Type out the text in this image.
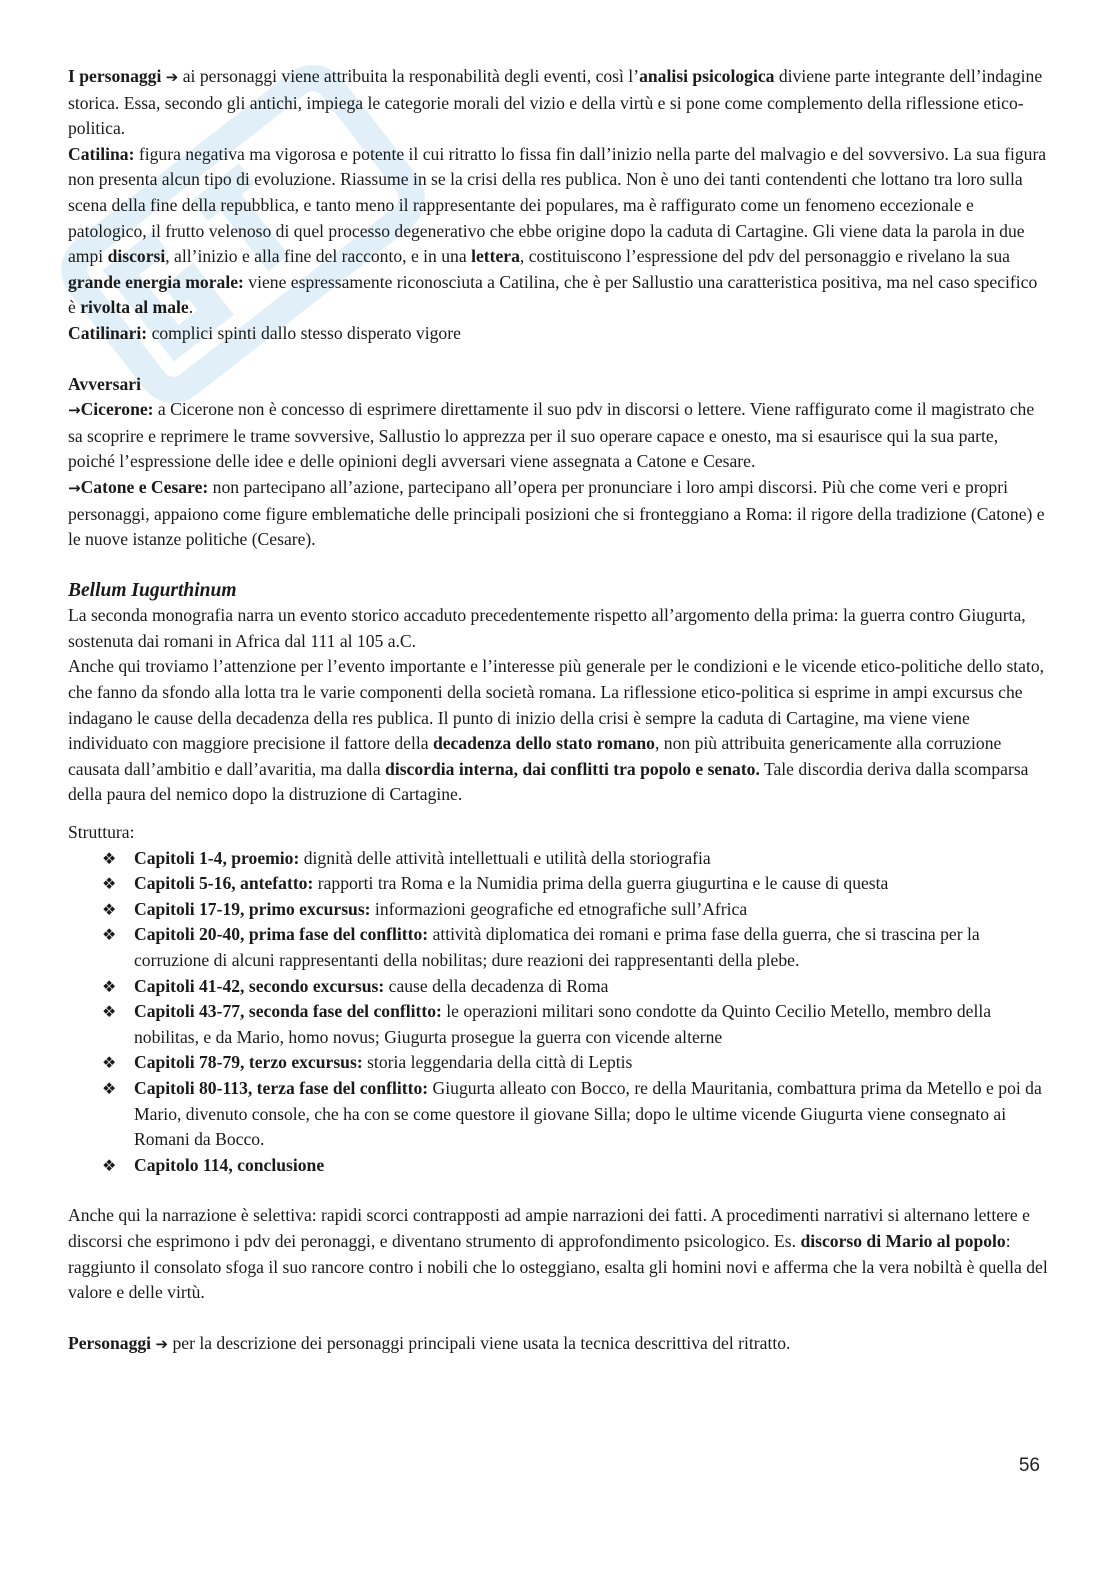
I personaggi ➔ ai personaggi viene attribuita la responabilità degli eventi, così l’analisi psicologica diviene parte integrante dell’indagine storica. Essa, secondo gli antichi, impiega le categorie morali del vizio e della virtù e si pone come complemento della riflessione etico-politica.

Catilina: figura negativa ma vigorosa e potente il cui ritratto lo fissa fin dall’inizio nella parte del malvagio e del sovversivo. La sua figura non presenta alcun tipo di evoluzione. Riassume in se la crisi della res publica. Non è uno dei tanti contendenti che lottano tra loro sulla scena della fine della repubblica, e tanto meno il rappresentante dei populares, ma è raffigurato come un fenomeno eccezionale e patologico, il frutto velenoso di quel processo degenerativo che ebbe origine dopo la caduta di Cartagine. Gli viene data la parola in due ampi discorsi, all’inizio e alla fine del racconto, e in una lettera, costituiscono l’espressione del pdv del personaggio e rivelano la sua grande energia morale: viene espressamente riconosciuta a Catilina, che è per Sallustio una caratteristica positiva, ma nel caso specifico è rivolta al male.

Catilinari: complici spinti dallo stesso disperato vigore

Avversari

→Cicerone: a Cicerone non è concesso di esprimere direttamente il suo pdv in discorsi o lettere. Viene raffigurato come il magistrato che sa scoprire e reprimere le trame sovversive, Sallustio lo apprezza per il suo operare capace e onesto, ma si esaurisce qui la sua parte, poiché l’espressione delle idee e delle opinioni degli avversari viene assegnata a Catone e Cesare.

→Catone e Cesare: non partecipano all’azione, partecipano all’opera per pronunciare i loro ampi discorsi. Più che come veri e propri personaggi, appaiono come figure emblematiche delle principali posizioni che si fronteggiano a Roma: il rigore della tradizione (Catone) e le nuove istanze politiche (Cesare).

Bellum Iugurthinum

La seconda monografia narra un evento storico accaduto precedentemente rispetto all’argomento della prima: la guerra contro Giugurta, sostenuta dai romani in Africa dal 111 al 105 a.C.

Anche qui troviamo l’attenzione per l’evento importante e l’interesse più generale per le condizioni e le vicende etico-politiche dello stato, che fanno da sfondo alla lotta tra le varie componenti della società romana. La riflessione etico-politica si esprime in ampi excursus che indagano le cause della decadenza della res publica. Il punto di inizio della crisi è sempre la caduta di Cartagine, ma viene viene individuato con maggiore precisione il fattore della decadenza dello stato romano, non più attribuita genericamente alla corruzione causata dall’ambitio e dall’avaritia, ma dalla discordia interna, dai conflitti tra popolo e senato. Tale discordia deriva dalla scomparsa della paura del nemico dopo la distruzione di Cartagine.

Struttura:

❖ Capitoli 1-4, proemio: dignità delle attività intellettuali e utilità della storiografia
❖ Capitoli 5-16, antefatto: rapporti tra Roma e la Numidia prima della guerra giugurtina e le cause di questa
❖ Capitoli 17-19, primo excursus: informazioni geografiche ed etnografiche sull’Africa
❖ Capitoli 20-40, prima fase del conflitto: attività diplomatica dei romani e prima fase della guerra, che si trascina per la corruzione di alcuni rappresentanti della nobilitas; dure reazioni dei rappresentanti della plebe.
❖ Capitoli 41-42, secondo excursus: cause della decadenza di Roma
❖ Capitoli 43-77, seconda fase del conflitto: le operazioni militari sono condotte da Quinto Cecilio Metello, membro della nobilitas, e da Mario, homo novus; Giugurta prosegue la guerra con vicende alterne
❖ Capitoli 78-79, terzo excursus: storia leggendaria della città di Leptis
❖ Capitoli 80-113, terza fase del conflitto: Giugurta alleato con Bocco, re della Mauritania, combattura prima da Metello e poi da Mario, divenuto console, che ha con se come questore il giovane Silla; dopo le ultime vicende Giugurta viene consegnato ai Romani da Bocco.
❖ Capitolo 114, conclusione

Anche qui la narrazione è selettiva: rapidi scorci contrapposti ad ampie narrazioni dei fatti. A procedimenti narrativi si alternano lettere e discorsi che esprimono i pdv dei peronaggi, e diventano strumento di approfondimento psicologico. Es. discorso di Mario al popolo: raggiunto il consolato sfoga il suo rancore contro i nobili che lo osteggiano, esalta gli homini novi e afferma che la vera nobiltà è quella del valore e delle virtù.

Personaggi ➔ per la descrizione dei personaggi principali viene usata la tecnica descrittiva del ritratto.

56
